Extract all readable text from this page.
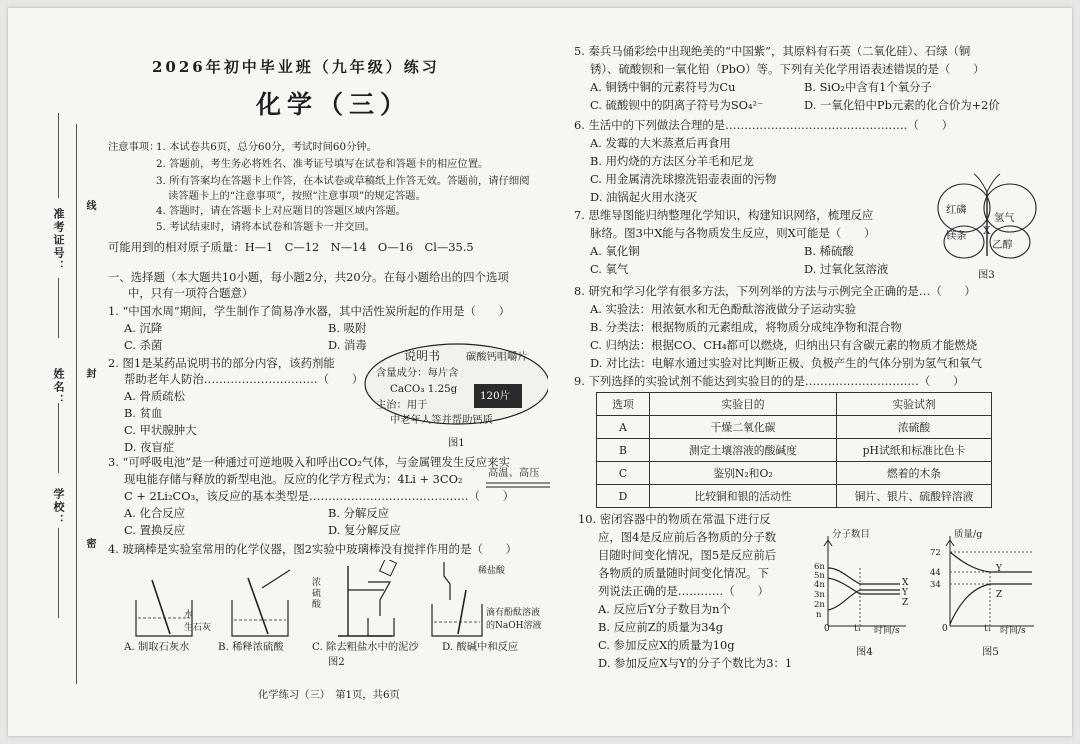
准考证号：
姓名：
学校：
线
封
密
2026年初中毕业班（九年级）练习
化学（三）
注意事项：
1. 本试卷共6页，总分60分，考试时间60分钟。
2. 答题前，考生务必将姓名、准考证号填写在试卷和答题卡的相应位置。
3. 所有答案均在答题卡上作答，在本试卷或草稿纸上作答无效。答题前，请仔细阅
读答题卡上的“注意事项”，按照“注意事项”的规定答题。
4. 答题时，请在答题卡上对应题目的答题区域内答题。
5. 考试结束时，请将本试卷和答题卡一并交回。
可能用到的相对原子质量：H—1　C—12　N—14　O—16　Cl—35.5
一、选择题（本大题共10小题，每小题2分，共20分。在每小题给出的四个选项
中，只有一项符合题意）
1. “中国水周”期间，学生制作了简易净水器，其中活性炭所起的作用是（　　）
A. 沉降	B. 吸附
C. 杀菌	D. 消毒
2. 图1是某药品说明书的部分内容，该药剂能
帮助老年人防治…………………………（　　）
A. 骨质疏松
B. 贫血
C. 甲状腺肿大
D. 夜盲症
说明书	碳酸钙咀嚼片
含量成分：每片含
CaCO₃ 1.25g
主治：用于
中老年人等并帮助钙质
120片
图1
3. “可呼吸电池”是一种通过可逆地吸入和呼出CO₂气体，与金属锂发生反应来实
现电能存储与释放的新型电池。反应的化学方程式为：4Li + 3CO₂ 高温、高压
C + 2Li₂CO₃，该反应的基本类型是……………………………………（　　）
A. 化合反应	B. 分解反应
C. 置换反应	D. 复分解反应
4. 玻璃棒是实验室常用的化学仪器，图2实验中玻璃棒没有搅拌作用的是（　　）
水
生石灰
浓硫酸
稀盐酸
滴有酚酞溶液
的NaOH溶液
A. 制取石灰水	B. 稀释浓硫酸	C. 除去粗盐水中的泥沙 D. 酸碱中和反应
图2
化学练习（三）　第1页，共6页
5. 秦兵马俑彩绘中出现绝美的“中国紫”，其原料有石英（二氧化硅）、石绿（铜
锈）、硫酸钡和一氧化铅（PbO）等。下列有关化学用语表述错误的是（　　）
A. 铜锈中铜的元素符号为Cu	B. SiO₂中含有1个氧分子
C. 硫酸钡中的阴离子符号为SO₄²⁻	D. 一氧化铅中Pb元素的化合价为+2价
6. 生活中的下列做法合理的是…………………………………………（　　）
A. 发霉的大米蒸煮后再食用
B. 用灼烧的方法区分羊毛和尼龙
C. 用金属清洗球擦洗铝壶表面的污物
D. 油锅起火用水浇灭
7. 思维导图能归纳整理化学知识，构建知识网络，梳理反应
脉络。图3中X能与各物质发生反应，则X可能是（　　）
A. 氧化铜	B. 稀硫酸
C. 氧气	D. 过氧化氢溶液
红磷
氢气
镁条 X
乙醇
图3
8. 研究和学习化学有很多方法，下列列举的方法与示例完全正确的是…（　　）
A. 实验法：用浓氨水和无色酚酞溶液做分子运动实验
B. 分类法：根据物质的元素组成，将物质分成纯净物和混合物
C. 归纳法：根据CO、CH₄都可以燃烧，归纳出只有含碳元素的物质才能燃烧
D. 对比法：电解水通过实验对比判断正极、负极产生的气体分别为氢气和氧气
9. 下列选择的实验试剂不能达到实验目的的是…………………………（　　）
选项	实验目的	实验试剂
A	干燥二氧化碳	浓硫酸
B	测定土壤溶液的酸碱度	pH试纸和标准比色卡
C	鉴别N₂和O₂	燃着的木条
D	比较铜和银的活动性	铜片、银片、硫酸锌溶液
10. 密闭容器中的物质在常温下进行反
应，图4是反应前后各物质的分子数
目随时间变化情况，图5是反应前后
各物质的质量随时间变化情况。下
列说法正确的是…………（　　）
A. 反应后Y分子数目为n个
B. 反应前Z的质量为34g
C. 参加反应X的质量为10g
D. 参加反应X与Y的分子个数比为3：1
分子数目
6n
5n
4n
3n
2n
n
X
Y
Z
0	t₁ 时间/s
图4
质量/g
72
44
34
Y
Z
0	t₁ 时间/s
图5
